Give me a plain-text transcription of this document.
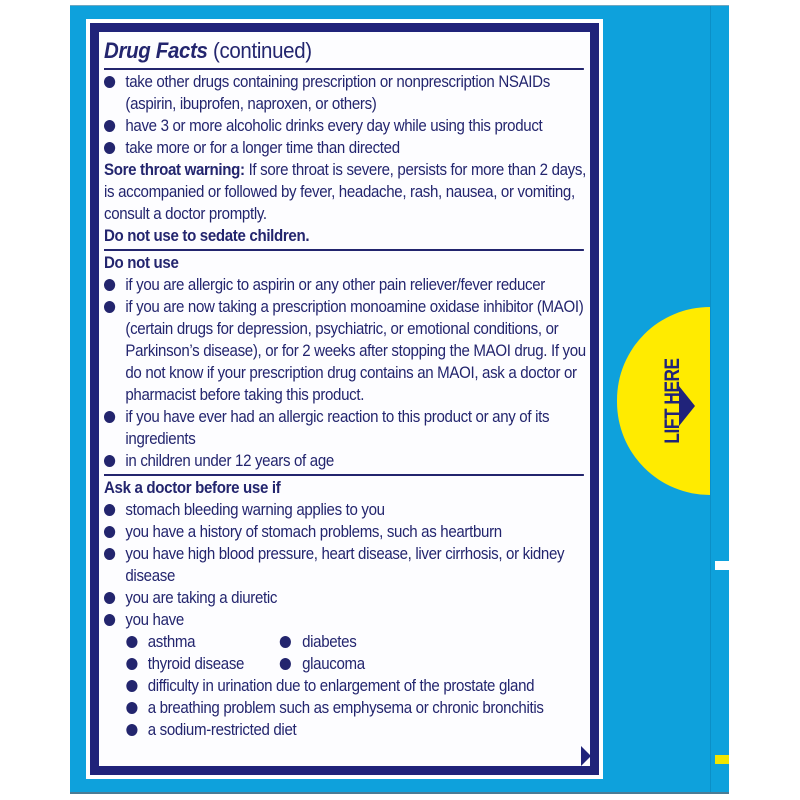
Drug Facts (continued)
take other drugs containing prescription or nonprescription NSAIDs (aspirin, ibuprofen, naproxen, or others)
have 3 or more alcoholic drinks every day while using this product
take more or for a longer time than directed
Sore throat warning: If sore throat is severe, persists for more than 2 days, is accompanied or followed by fever, headache, rash, nausea, or vomiting, consult a doctor promptly.
Do not use to sedate children.
Do not use
if you are allergic to aspirin or any other pain reliever/fever reducer
if you are now taking a prescription monoamine oxidase inhibitor (MAOI) (certain drugs for depression, psychiatric, or emotional conditions, or Parkinson’s disease), or for 2 weeks after stopping the MAOI drug. If you do not know if your prescription drug contains an MAOI, ask a doctor or pharmacist before taking this product.
if you have ever had an allergic reaction to this product or any of its ingredients
in children under 12 years of age
Ask a doctor before use if
stomach bleeding warning applies to you
you have a history of stomach problems, such as heartburn
you have high blood pressure, heart disease, liver cirrhosis, or kidney disease
you are taking a diuretic
you have
asthma	diabetes
thyroid disease	glaucoma
difficulty in urination due to enlargement of the prostate gland
a breathing problem such as emphysema or chronic bronchitis
a sodium-restricted diet
LIFT HERE
